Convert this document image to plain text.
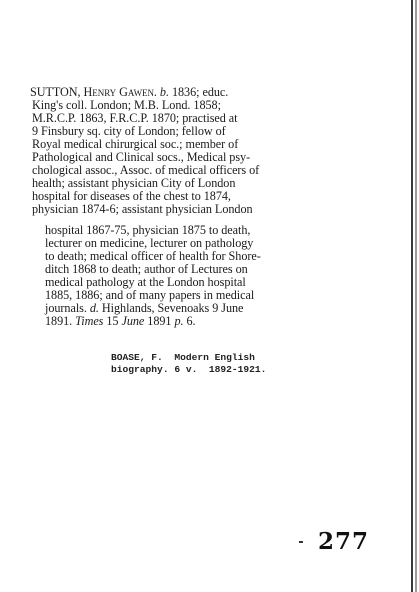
SUTTON, Henry Gawen. b. 1836; educ.
King's coll. London; M.B. Lond. 1858;
M.R.C.P. 1863, F.R.C.P. 1870; practised at
9 Finsbury sq. city of London; fellow of
Royal medical chirurgical soc.; member of
Pathological and Clinical socs., Medical psy-
chological assoc., Assoc. of medical officers of
health; assistant physician City of London
hospital for diseases of the chest to 1874,
physician 1874-6; assistant physician London
hospital 1867-75, physician 1875 to death,
lecturer on medicine, lecturer on pathology
to death; medical officer of health for Shore-
ditch 1868 to death; author of Lectures on
medical pathology at the London hospital
1885, 1886; and of many papers in medical
journals. d. Highlands, Sevenoaks 9 June
1891. Times 15 June 1891 p. 6.
BOASE, F.  Modern English
biography. 6 v.  1892-1921.
277
